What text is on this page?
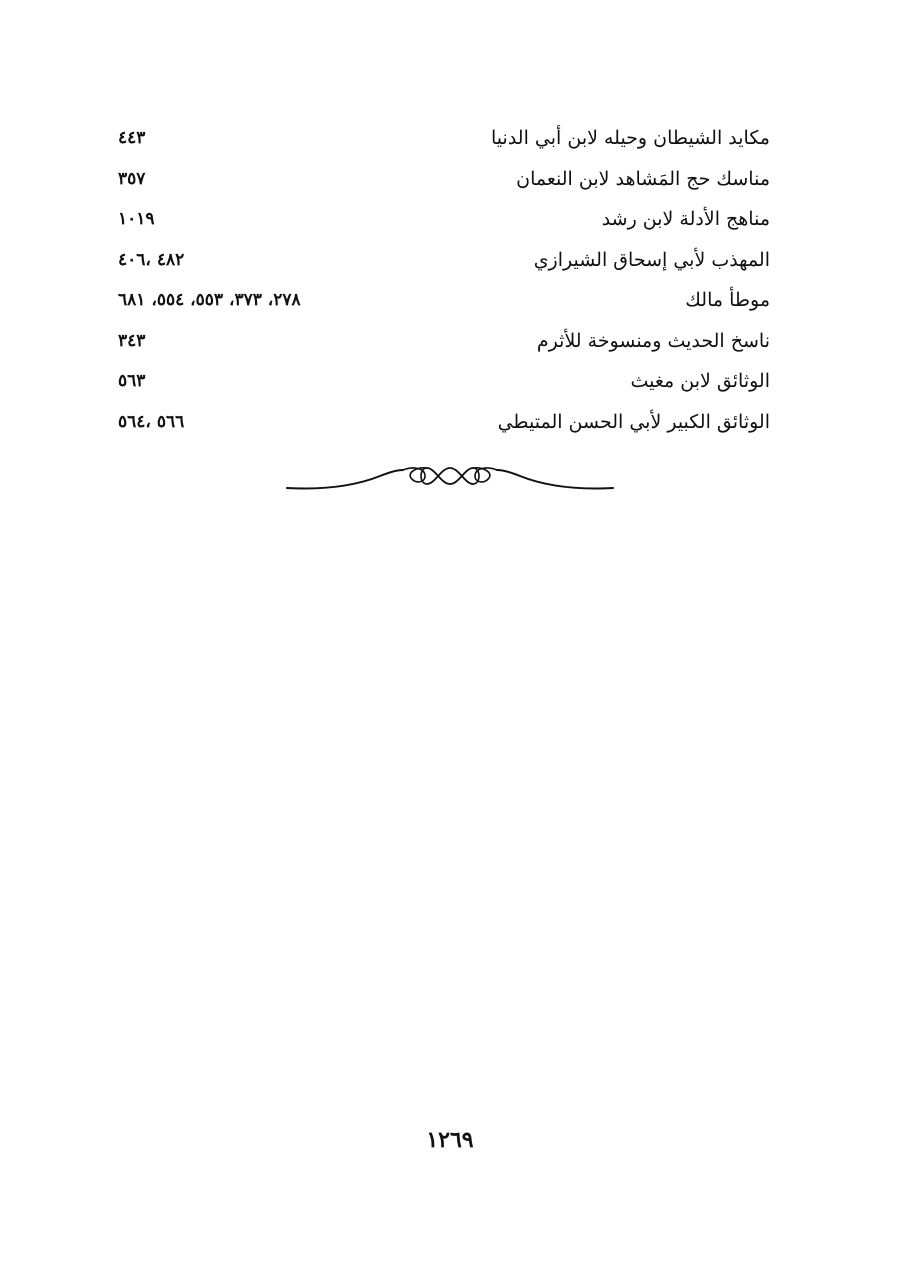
مكايد الشيطان وحيله لابن أبي الدنيا
٤٤٣
مناسك حج المَشاهد لابن النعمان
٣٥٧
مناهج الأدلة لابن رشد
١٠١٩
المهذب لأبي إسحاق الشيرازي
٤٨٢ ،٤٠٦
موطأ مالك
٢٧٨، ٣٧٣، ٥٥٣، ٥٥٤، ٦٨١
ناسخ الحديث ومنسوخة للأثرم
٣٤٣
الوثائق لابن مغيث
٥٦٣
الوثائق الكبير لأبي الحسن المتيطي
٥٦٦ ،٥٦٤
١٢٦٩
